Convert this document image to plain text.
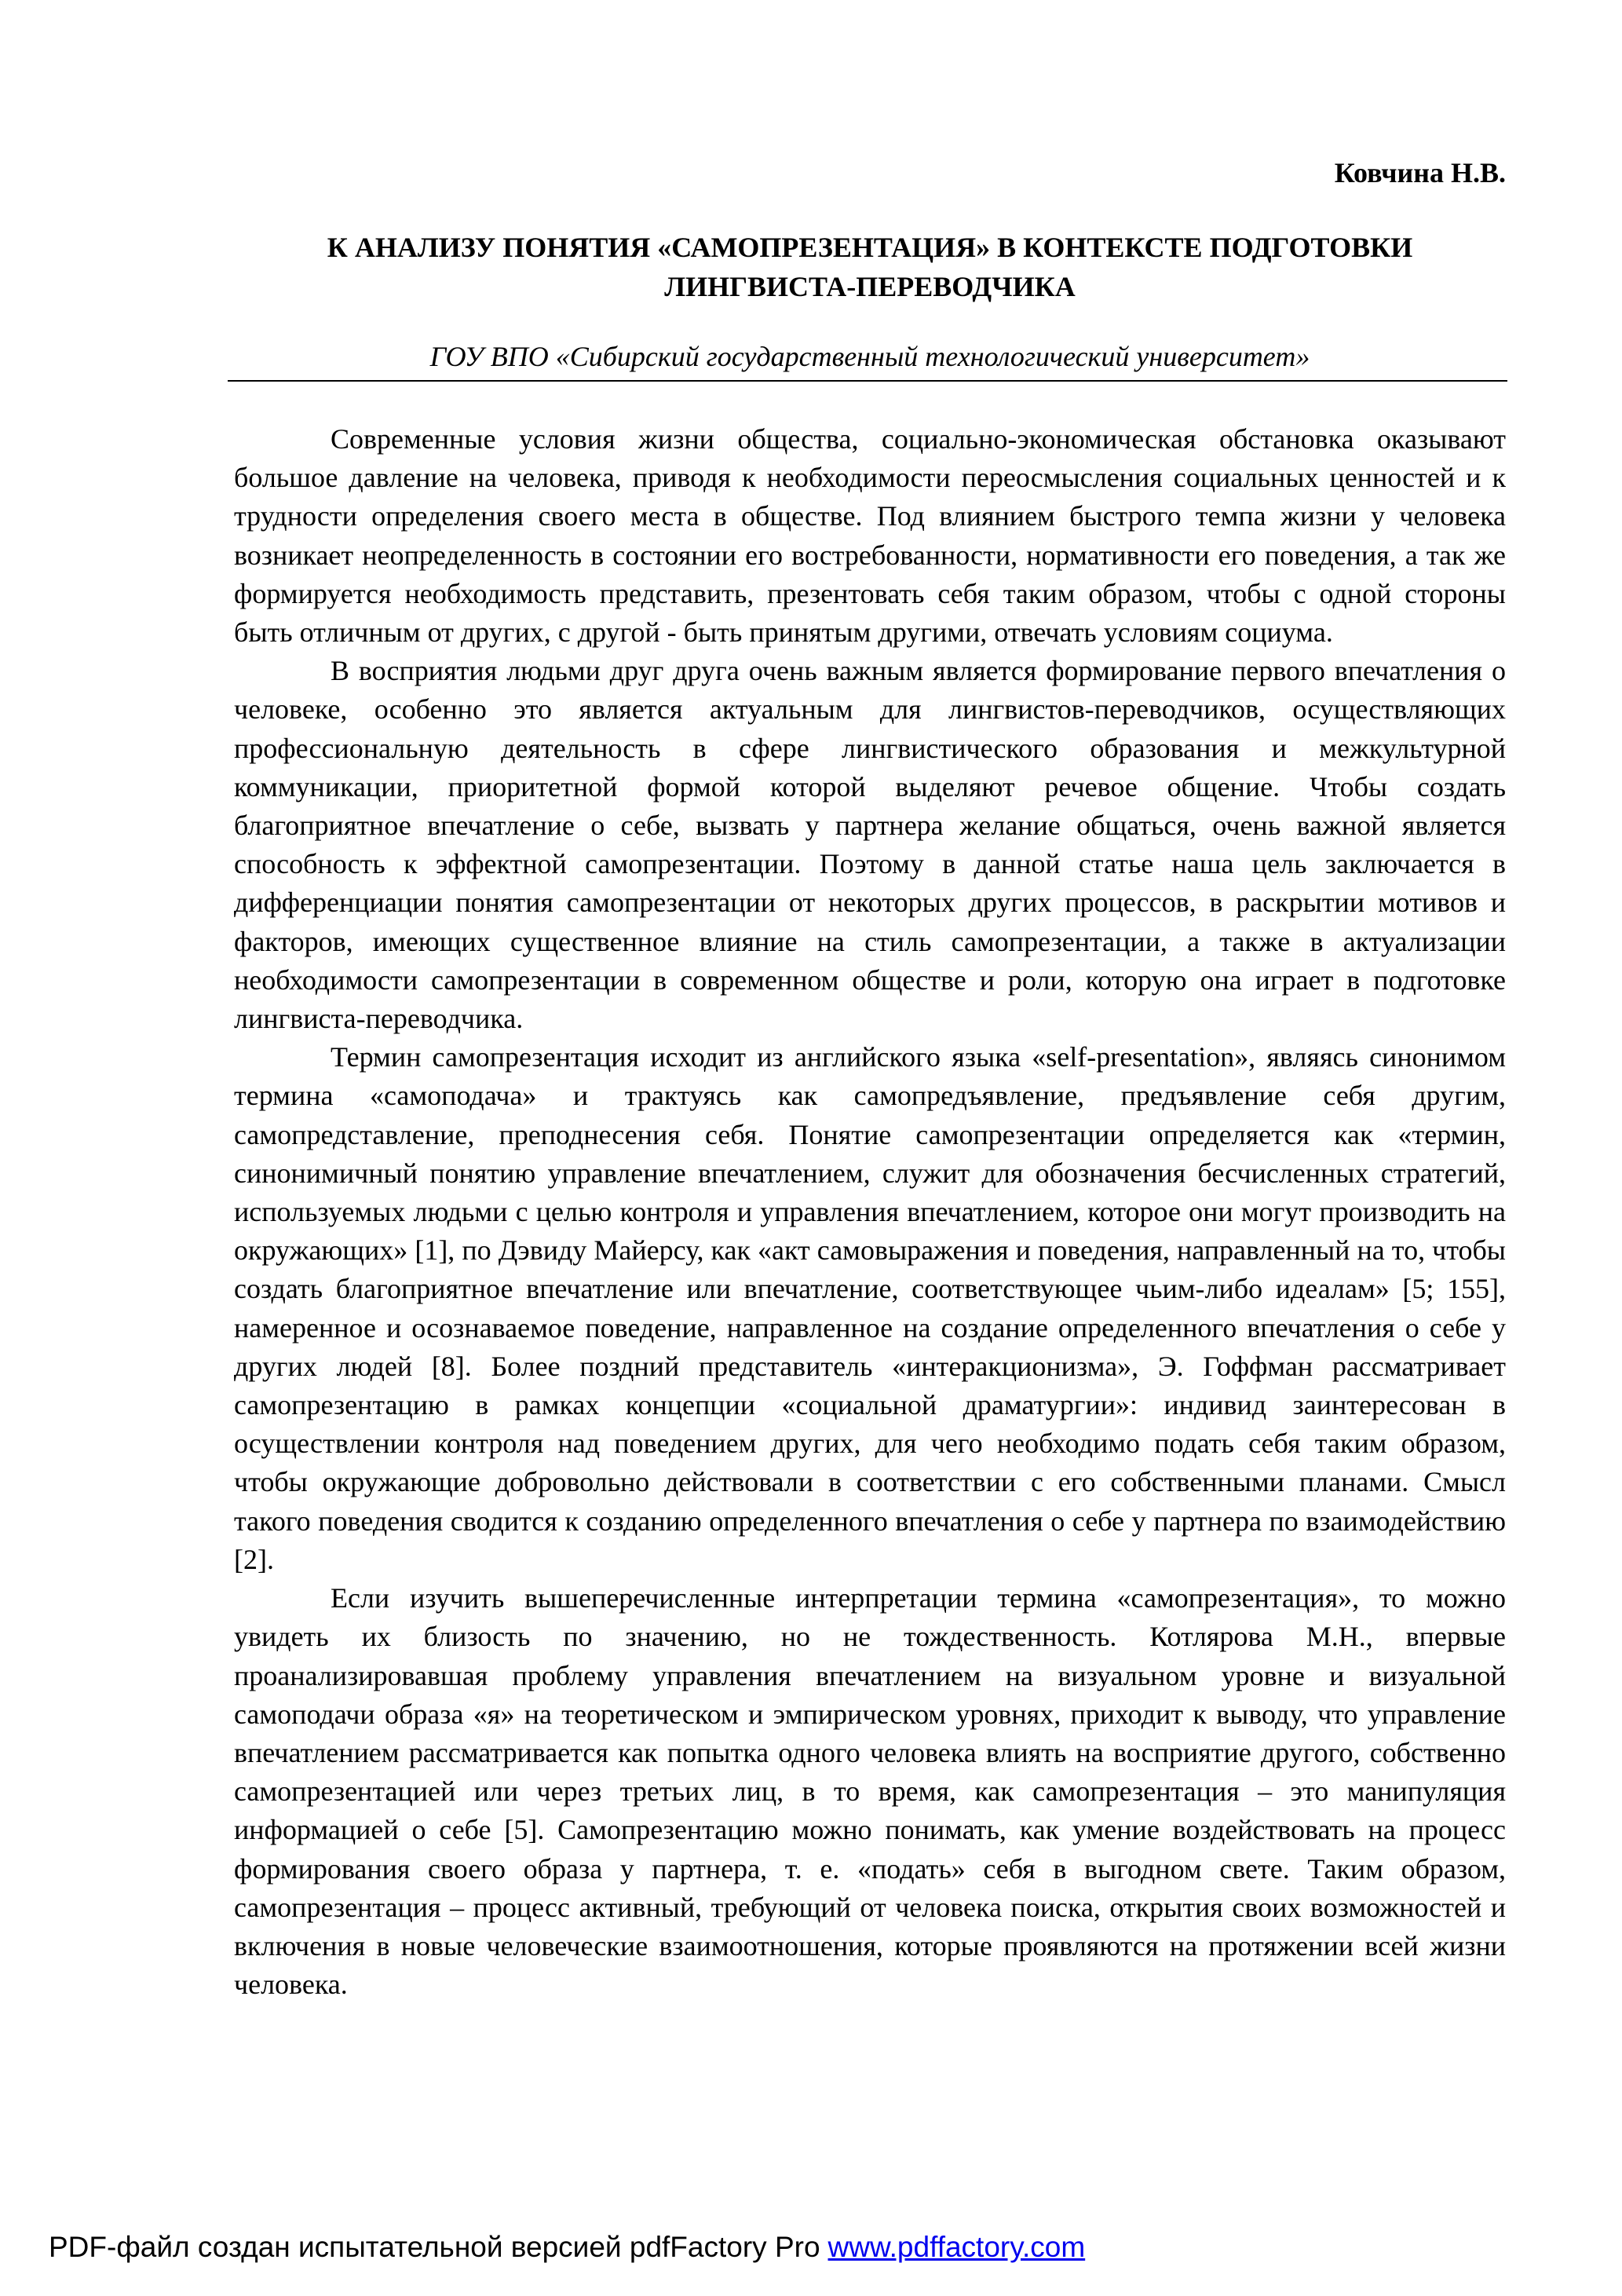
Ковчина Н.В.
К АНАЛИЗУ ПОНЯТИЯ «САМОПРЕЗЕНТАЦИЯ» В КОНТЕКСТЕ ПОДГОТОВКИ ЛИНГВИСТА-ПЕРЕВОДЧИКА
ГОУ ВПО «Сибирский государственный технологический университет»

Современные условия жизни общества, социально-экономическая обстановка оказывают большое давление на человека, приводя к необходимости переосмысления социальных ценностей и к трудности определения своего места в обществе. Под влиянием быстрого темпа жизни у человека возникает неопределенность в состоянии его востребованности, нормативности его поведения, а так же формируется необходимость представить, презентовать себя таким образом, чтобы с одной стороны быть отличным от других, с другой - быть принятым другими, отвечать условиям социума.

В восприятия людьми друг друга очень важным является формирование первого впечатления о человеке, особенно это является актуальным для лингвистов-переводчиков, осуществляющих профессиональную деятельность в сфере лингвистического образования и межкультурной коммуникации, приоритетной формой которой выделяют речевое общение. Чтобы создать благоприятное впечатление о себе, вызвать у партнера желание общаться, очень важной является способность к эффектной самопрезентации. Поэтому в данной статье наша цель заключается в дифференциации понятия самопрезентации от некоторых других процессов, в раскрытии мотивов и факторов, имеющих существенное влияние на стиль самопрезентации, а также в актуализации необходимости самопрезентации в современном обществе и роли, которую она играет в подготовке лингвиста-переводчика.

Термин самопрезентация исходит из английского языка «self-presentation», являясь синонимом термина «самоподача» и трактуясь как самопредъявление, предъявление себя другим, самопредставление, преподнесения себя. Понятие самопрезентации определяется как «термин, синонимичный понятию управление впечатлением, служит для обозначения бесчисленных стратегий, используемых людьми с целью контроля и управления впечатлением, которое они могут производить на окружающих» [1], по Дэвиду Майерсу, как «акт самовыражения и поведения, направленный на то, чтобы создать благоприятное впечатление или впечатление, соответствующее чьим-либо идеалам» [5; 155], намеренное и осознаваемое поведение, направленное на создание определенного впечатления о себе у других людей [8]. Более поздний представитель «интеракционизма», Э. Гоффман рассматривает самопрезентацию в рамках концепции «социальной драматургии»: индивид заинтересован в осуществлении контроля над поведением других, для чего необходимо подать себя таким образом, чтобы окружающие добровольно действовали в соответствии с его собственными планами. Смысл такого поведения сводится к созданию определенного впечатления о себе у партнера по взаимодействию [2].

Если изучить вышеперечисленные интерпретации термина «самопрезентация», то можно увидеть их близость по значению, но не тождественность. Котлярова М.Н., впервые проанализировавшая проблему управления впечатлением на визуальном уровне и визуальной самоподачи образа «я» на теоретическом и эмпирическом уровнях, приходит к выводу, что управление впечатлением рассматривается как попытка одного человека влиять на восприятие другого, собственно самопрезентацией или через третьих лиц, в то время, как самопрезентация – это манипуляция информацией о себе [5]. Самопрезентацию можно понимать, как умение воздействовать на процесс формирования своего образа у партнера, т. е. «подать» себя в выгодном свете. Таким образом, самопрезентация – процесс активный, требующий от человека поиска, открытия своих возможностей и включения в новые человеческие взаимоотношения, которые проявляются на протяжении всей жизни человека.

PDF-файл создан испытательной версией pdfFactory Pro www.pdffactory.com
